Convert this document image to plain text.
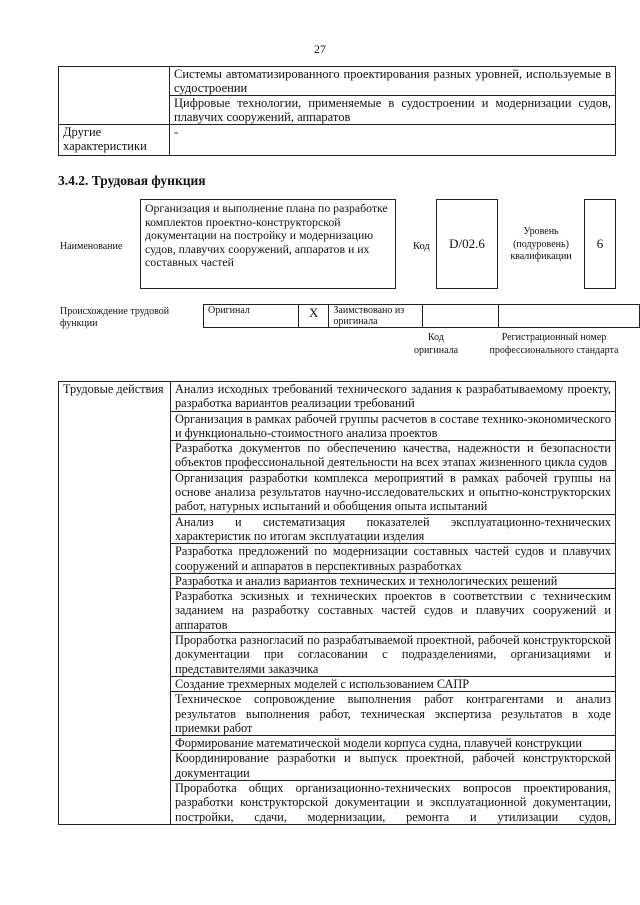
27
	Системы автоматизированного проектирования разных уровней, используемые в судостроении
	Цифровые технологии, применяемые в судостроении и модернизации судов, плавучих сооружений, аппаратов
Другие характеристики	-
3.4.2. Трудовая функция
Наименование
Организация и выполнение плана по разработке комплектов проектно-конструкторской документации на постройку и модернизацию судов, плавучих сооружений, аппаратов и их составных частей
Код	D/02.6
Уровень (подуровень) квалификации
6
Происхождение трудовой функции
Оригинал	X	Заимствовано из оригинала		
Код оригинала
Регистрационный номер профессионального стандарта
Трудовые действия	Анализ исходных требований технического задания к разрабатываемому проекту, разработка вариантов реализации требований
Организация в рамках рабочей группы расчетов в составе технико-экономического и функционально-стоимостного анализа проектов
Разработка документов по обеспечению качества, надежности и безопасности объектов профессиональной деятельности на всех этапах жизненного цикла судов
Организация разработки комплекса мероприятий в рамках рабочей группы на основе анализа результатов научно-исследовательских и опытно-конструкторских работ, натурных испытаний и обобщения опыта испытаний
Анализ и систематизация показателей эксплуатационно-технических характеристик по итогам эксплуатации изделия
Разработка предложений по модернизации составных частей судов и плавучих сооружений и аппаратов в перспективных разработках
Разработка и анализ вариантов технических и технологических решений
Разработка эскизных и технических проектов в соответствии с техническим заданием на разработку составных частей судов и плавучих сооружений и аппаратов
Проработка разногласий по разрабатываемой проектной, рабочей конструкторской документации при согласовании с подразделениями, организациями и представителями заказчика
Создание трехмерных моделей с использованием САПР
Техническое сопровождение выполнения работ контрагентами и анализ результатов выполнения работ, техническая экспертиза результатов в ходе приемки работ
Формирование математической модели корпуса судна, плавучей конструкции
Координирование разработки и выпуск проектной, рабочей конструкторской документации
Проработка общих организационно-технических вопросов проектирования, разработки конструкторской документации и эксплуатационной документации, постройки, сдачи, модернизации, ремонта и утилизации судов,
